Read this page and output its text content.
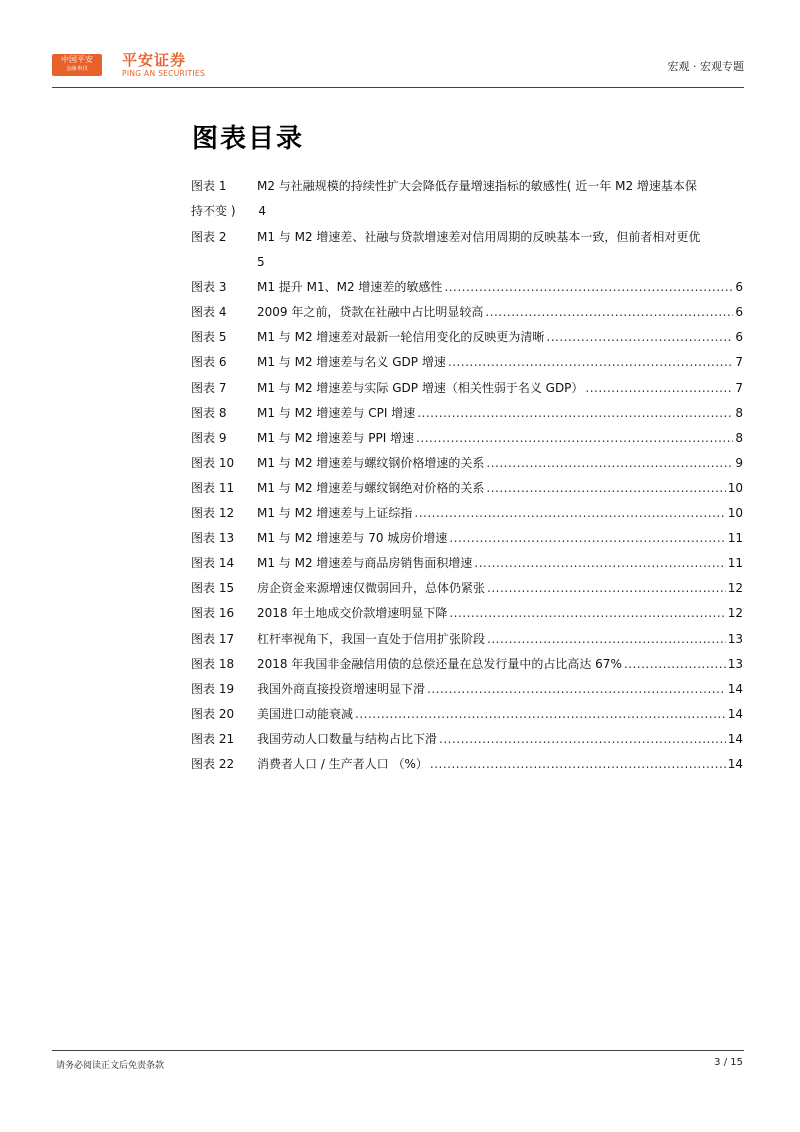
中国平安
金融·科技	平安证券
PING AN SECURITIES
宏观 · 宏观专题
图表目录
图表 1	M2 与社融规模的持续性扩大会降低存量增速指标的敏感性( 近一年 M2 增速基本保
持不变 ) 4
图表 2	M1 与 M2 增速差、社融与贷款增速差对信用周期的反映基本一致，但前者相对更优
5
图表 3	M1 提升 M1、M2 增速差的敏感性 .....	6
图表 4	2009 年之前，贷款在社融中占比明显较高 .....	6
图表 5	M1 与 M2 增速差对最新一轮信用变化的反映更为清晰 .....	6
图表 6	M1 与 M2 增速差与名义 GDP 增速 .....	7
图表 7	M1 与 M2 增速差与实际 GDP 增速（相关性弱于名义 GDP） .....	7
图表 8	M1 与 M2 增速差与 CPI 增速 .....	8
图表 9	M1 与 M2 增速差与 PPI 增速 .....	8
图表 10 M1 与 M2 增速差与螺纹钢价格增速的关系 .....	9
图表 11 M1 与 M2 增速差与螺纹钢绝对价格的关系 .....	10
图表 12 M1 与 M2 增速差与上证综指 .....	10
图表 13 M1 与 M2 增速差与 70 城房价增速 .....	11
图表 14 M1 与 M2 增速差与商品房销售面积增速 .....	11
图表 15 房企资金来源增速仅微弱回升，总体仍紧张 .....	12
图表 16 2018 年土地成交价款增速明显下降 .....	12
图表 17 杠杆率视角下，我国一直处于信用扩张阶段 .....	13
图表 18 2018 年我国非金融信用债的总偿还量在总发行量中的占比高达 67% .....	13
图表 19 我国外商直接投资增速明显下滑 .....	14
图表 20 美国进口动能衰减 .....	14
图表 21 我国劳动人口数量与结构占比下滑 .....	14
图表 22 消费者人口 / 生产者人口 （%） .....	14
请务必阅读正文后免责条款	3 / 15
